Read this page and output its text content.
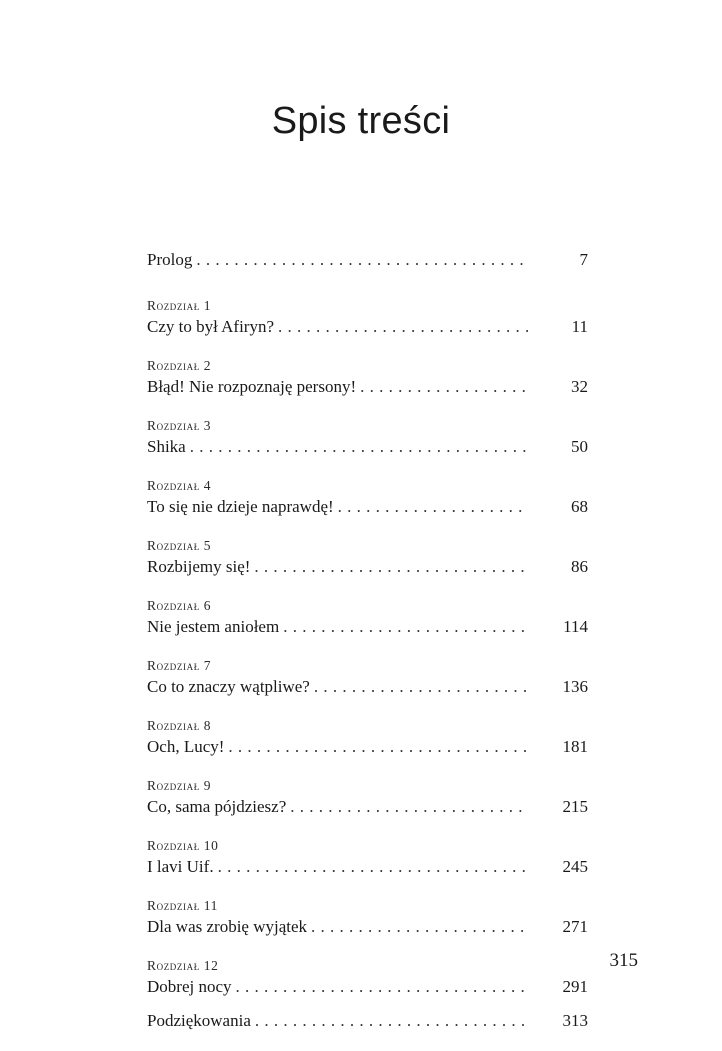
Spis treści
Prolog . . .	7
Rozdział 1
Czy to był Afiryn? . . .	11
Rozdział 2
Błąd! Nie rozpoznaję persony! . . .	32
Rozdział 3
Shika . . .	50
Rozdział 4
To się nie dzieje naprawdę! . . .	68
Rozdział 5
Rozbijemy się! . . .	86
Rozdział 6
Nie jestem aniołem . . .	114
Rozdział 7
Co to znaczy wątpliwe? . . .	136
Rozdział 8
Och, Lucy! . . .	181
Rozdział 9
Co, sama pójdziesz? . . .	215
Rozdział 10
I lavi Uif. . . .	245
Rozdział 11
Dla was zrobię wyjątek . . .	271
Rozdział 12
Dobrej nocy . . .	291
Podziękowania . . .	313
315
